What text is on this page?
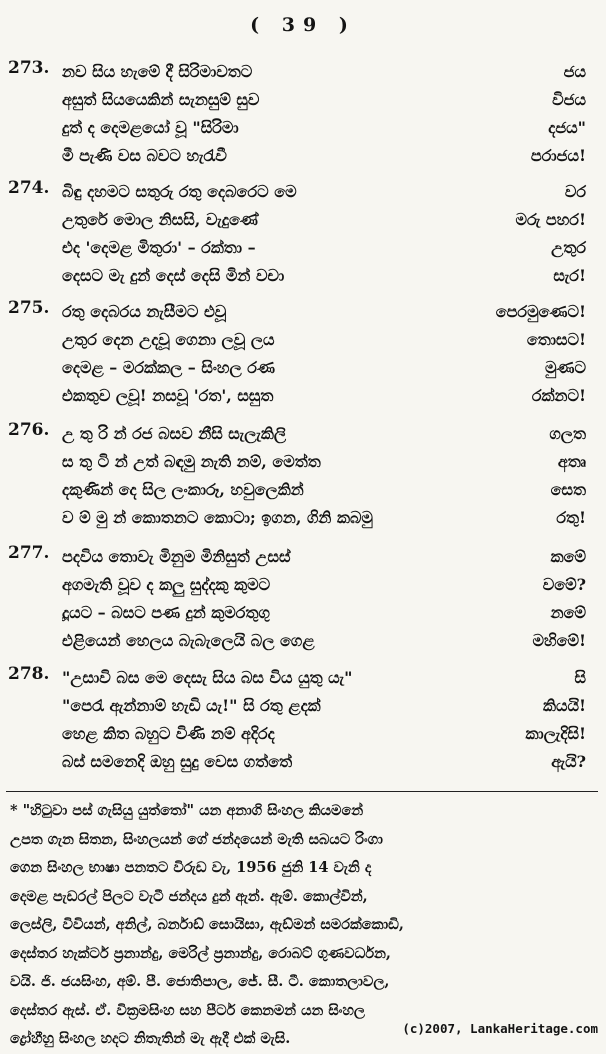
( 39 )
273. නව සිය හැමේ දී සිරිමාවතට	ජය
අසුත් සියයෙකින් සැනසුම් සුව	විජය
දුත් ද දෙමළයෝ වූ "සිරිමා	දජය"
මී පැණි වස බවට හැරැවී	පරාජය!
274. බිඳු දහමට සතුරු රතු දෙබරෙට මෙ	වර
උතුරේ මොල නිසසි, වැදුණේ	මරු පහර!
එද 'දෙමළ මිතුරා' – රක්තා –	උතුර
දෙසට මැ දුන් දෙස් දෙසි මින් වචා	සැර!
275. රතු දෙබරය නැසීමට එවූ	පෙරමුණෙට!
උතුර දෙන උදවූ ගෙනා ලවූ ලය	තොසට!
දෙමළ – මරක්කල – සිංහල රණ	මුණට
එකතුව ලවූ! නසවූ 'රත', සසුත	රක්නට!
276. උ තු රි න් රජ බසව නීසි සැලැකිලි	ගලත
ස තු ටි න් උත් බඳමු නැති නම්, මෙත්ත	අතෘ
දකුණින් දෙ සිල ලංකාරූ, හවුලෙකින්	සෙත
ව ම් මු න් කොතනට කොටා; ඉගන, ගිනි කබමු	රතු!
277. පදවිය තොවැ මිනුම මිනිසුත් උසස්	කමේ
අගමැති වූව ද කලු සුද්දකු කුමට	වමේ?
දූයට – බසට පණ දුන් කුමරතුගු	නමේ
එළියෙන් හෙලය බැබැලෙයි බල ගෙළ	මහිමේ!
278. "උසාවි බස මෙ දෙසැ සිය බස විය යුතු යැ"	සි
"පෙරැ ඇන්නාම් හැඩි යැ!" සි රතු ළදක්	කියයි!
හෙළ කිත බහුට විණි නම් අදිරද	කාලැදිසි!
බස් සමනෙදි ඔහු සුදු වෙස ගත්තේ	ඇයි?
* "හිටුවා පස් ගැසියු යුත්තෝ" යන අනාගි සිංහල කියමනේ
උපත ගැන සිතන, සිංහලයන් ගේ ජන්දයෙන් මැති සබයට රිංගා
ගෙන සිංහල භාෂා පනතට විරුඩ වැ, 1956 ජුනි 14 වැනි ද
දෙමළ පැඩරල් පිලට වැටී ජන්දය දුන් ඇන්. ඇම්. කොල්වින්,
ලෙස්ලි, විවියන්, අනිල්, බර්නාඩ් සොයිසා, ඇඩ්මන් සමරක්කොඩි,
දෙස්තර හැක්ටර් ප්‍රනාන්දු, මෙරිල් ප්‍රනාන්දු, රොබට් ගුණවර්ධන,
වයි. ජි. ජයසිංහ, අම්. පී. ජොතිපාල, ජේ. සී. ටී. කොතලාවල,
දෙස්තර ඇස්. ඒ. වික්‍රමසිංහ සහ පීටර් කෙනමන් යන සිංහල
ද්‍රෝහීහු සිංහල හදට නිතැතින් මැ ඇදී එක් මැසි.
(c)2007, LankaHeritage.com
